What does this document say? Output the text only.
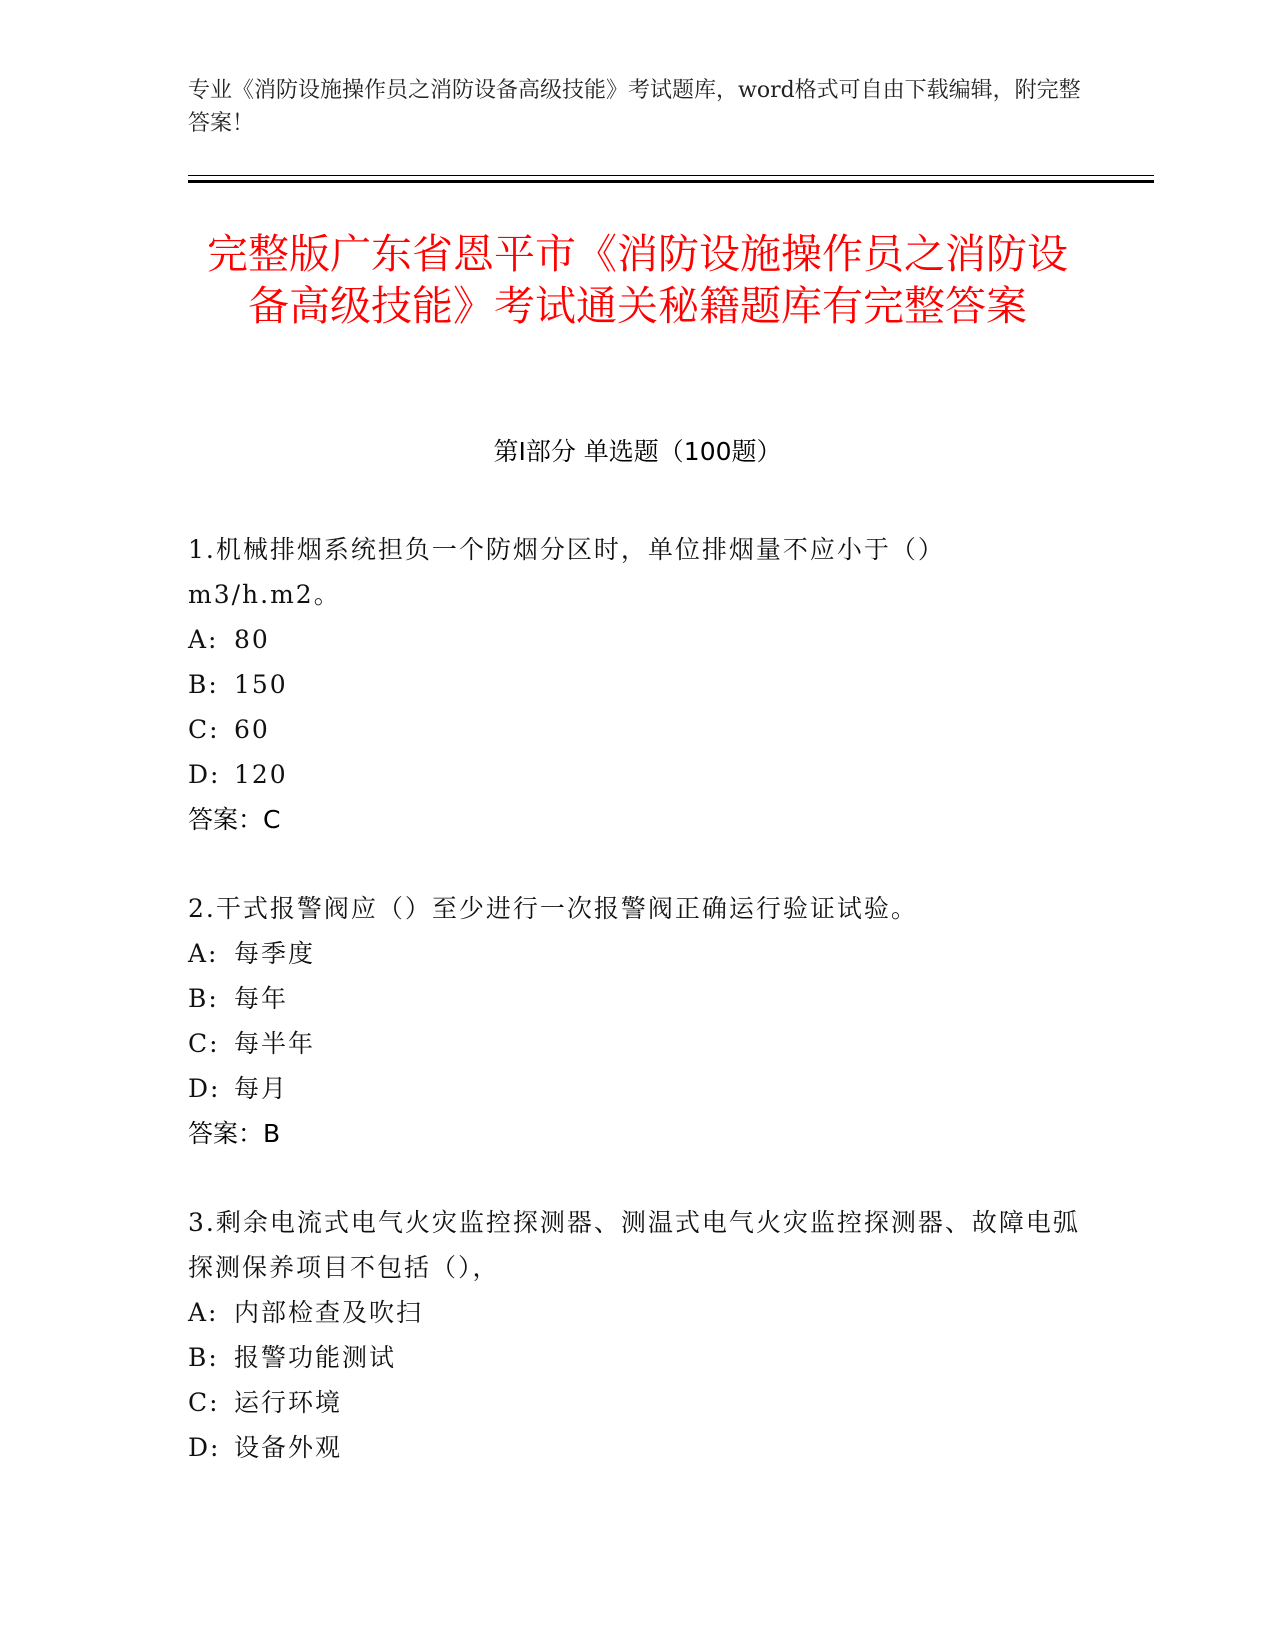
专业《消防设施操作员之消防设备高级技能》考试题库，word格式可自由下载编辑，附完整答案！
完整版广东省恩平市《消防设施操作员之消防设备高级技能》考试通关秘籍题库有完整答案
第Ⅰ部分 单选题（100题）
1.机械排烟系统担负一个防烟分区时，单位排烟量不应小于（）m3/h.m2。
A: 80
B: 150
C: 60
D: 120
答案：C
2.干式报警阀应（）至少进行一次报警阀正确运行验证试验。
A: 每季度
B: 每年
C: 每半年
D: 每月
答案：B
3.剩余电流式电气火灾监控探测器、测温式电气火灾监控探测器、故障电弧探测保养项目不包括（），
A: 内部检查及吹扫
B: 报警功能测试
C: 运行环境
D: 设备外观
